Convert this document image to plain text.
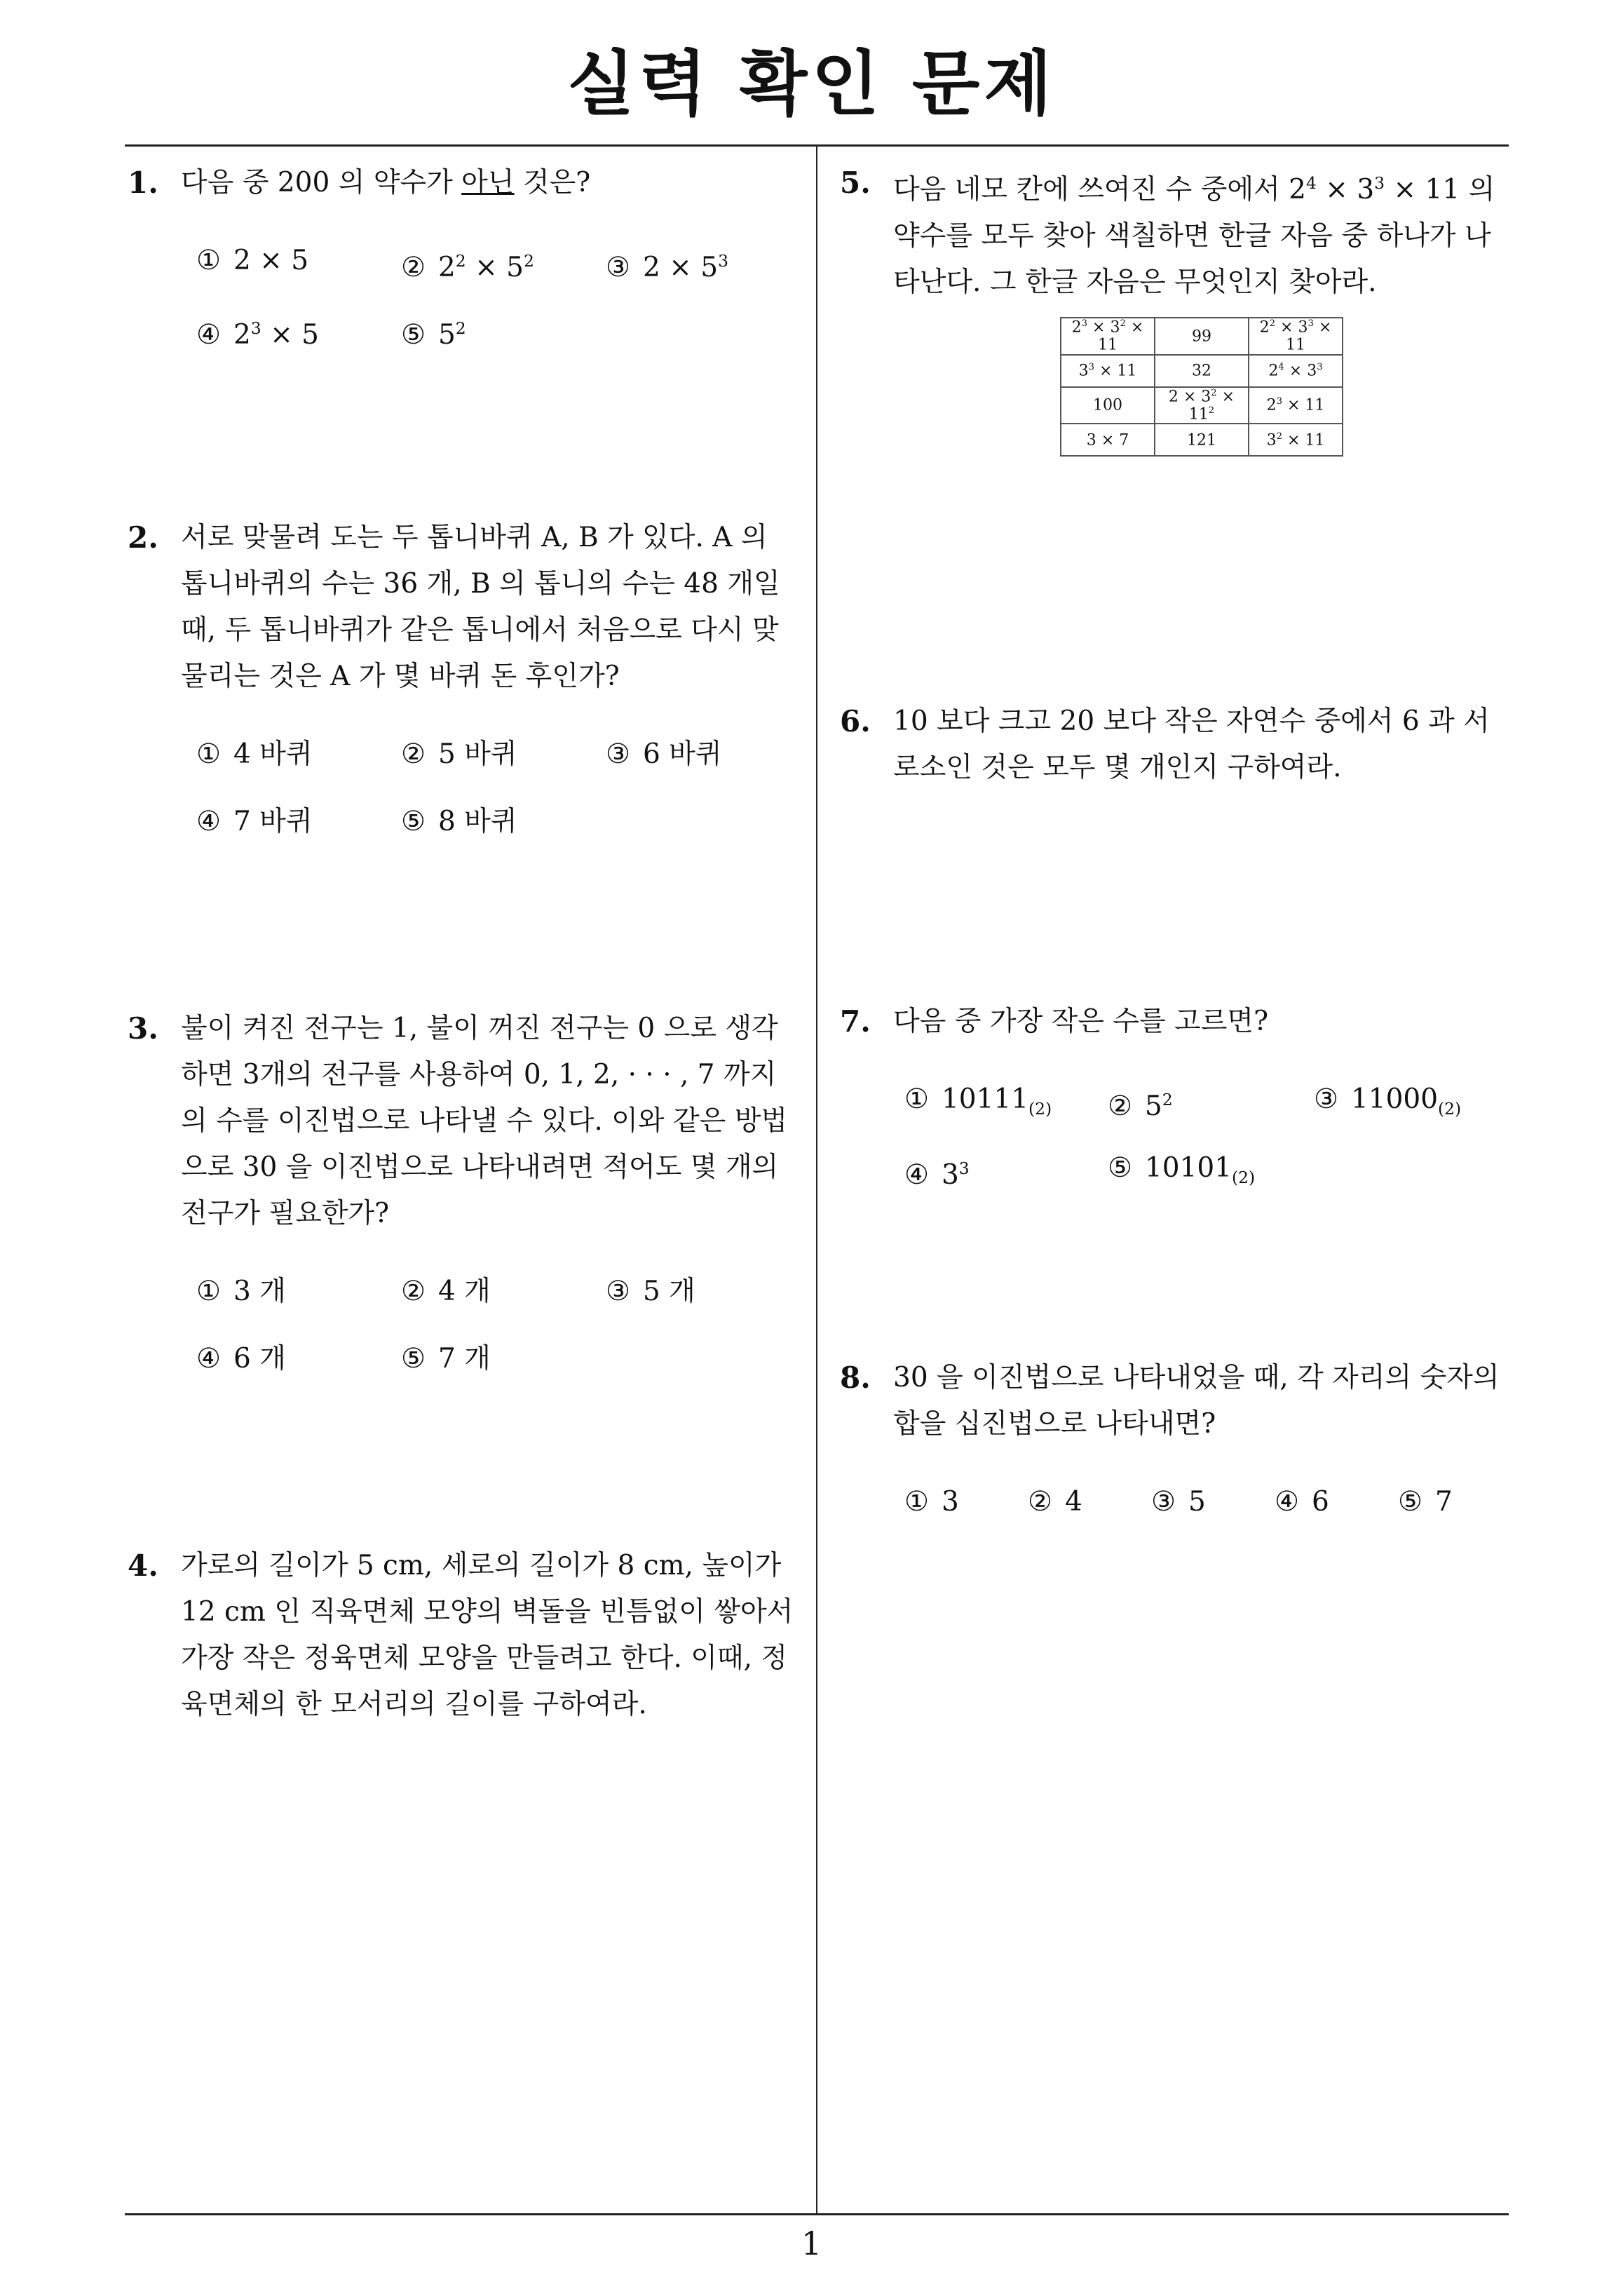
실력 확인 문제
1
1. 다음 중 200 의 약수가 아닌 것은?
① 2 × 5	② $2^2 \times 5^2$	③ $2 \times 5^3$
④ $2^3 \times 5$	⑤ $5^2$
2. 서로 맞물려 도는 두 톱니바퀴 A, B 가 있다. A 의 톱니바퀴의 수는 36 개, B 의 톱니의 수는 48 개일 때, 두 톱니바퀴가 같은 톱니에서 처음으로 다시 맞물리는 것은 A 가 몇 바퀴 돈 후인가?
① 4 바퀴	② 5 바퀴	③ 6 바퀴
④ 7 바퀴	⑤ 8 바퀴
3. 불이 켜진 전구는 1, 불이 꺼진 전구는 0 으로 생각하면 3개의 전구를 사용하여 0, 1, 2, · · · , 7 까지의 수를 이진법으로 나타낼 수 있다. 이와 같은 방법으로 30 을 이진법으로 나타내려면 적어도 몇 개의 전구가 필요한가?
① 3 개	② 4 개	③ 5 개
④ 6 개	⑤ 7 개
4. 가로의 길이가 5 cm, 세로의 길이가 8 cm, 높이가 12 cm 인 직육면체 모양의 벽돌을 빈틈없이 쌓아서 가장 작은 정육면체 모양을 만들려고 한다. 이때, 정육면체의 한 모서리의 길이를 구하여라.
5. 다음 네모 칸에 쓰여진 수 중에서 $2^4 \times 3^3 \times 11$ 의 약수를 모두 찾아 색칠하면 한글 자음 중 하나가 나타난다. 그 한글 자음은 무엇인지 찾아라.
$2^3 \times 3^2 \times 11$	99	$2^2 \times 3^3 \times 11$
$3^3 \times 11$	32	$2^4 \times 3^3$
100	$2 \times 3^2 \times 11^2$	$2^3 \times 11$
3 × 7	121	$3^2 \times 11$
6. 10 보다 크고 20 보다 작은 자연수 중에서 6 과 서로소인 것은 모두 몇 개인지 구하여라.
7. 다음 중 가장 작은 수를 고르면?
① $10111_{(2)}$ ② $5^2$	③ $11000_{(2)}$
④ $3^3$	⑤ $10101_{(2)}$
8. 30 을 이진법으로 나타내었을 때, 각 자리의 숫자의 합을 십진법으로 나타내면?
① 3	② 4	③ 5	④ 6	⑤ 7
